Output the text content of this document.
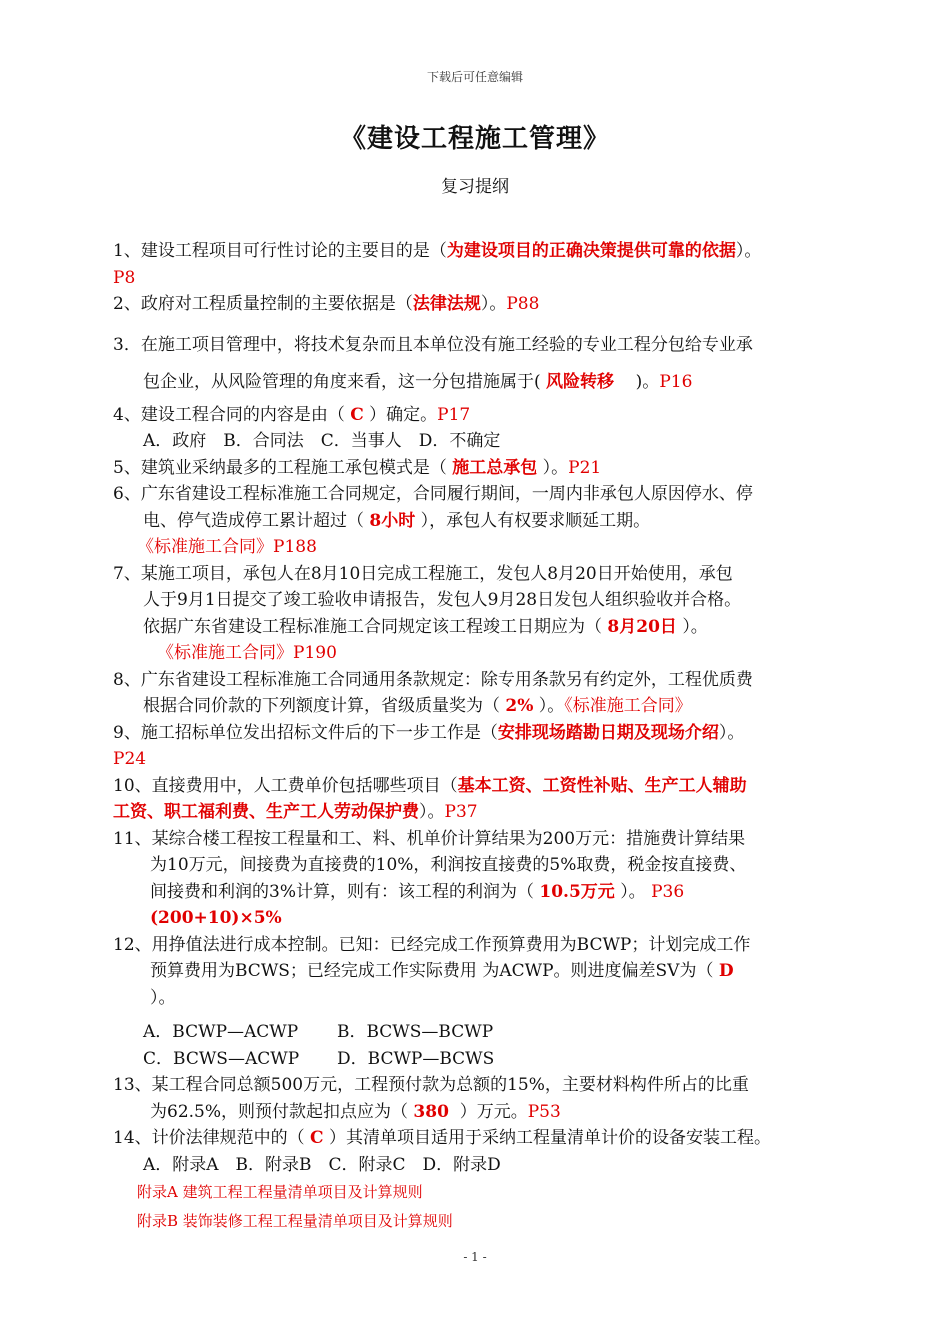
下载后可任意编辑
《建设工程施工管理》
复习提纲
1、建设工程项目可行性讨论的主要目的是（为建设项目的正确决策提供可靠的依据）。
P8
2、政府对工程质量控制的主要依据是（法律法规）。P88
3．在施工项目管理中，将技术复杂而且本单位没有施工经验的专业工程分包给专业承
包企业，从风险管理的角度来看，这一分包措施属于( 风险转移 )。P16
4、建设工程合同的内容是由（ C ）确定。P17
A．政府　B．合同法　C．当事人　D．不确定
5、建筑业采纳最多的工程施工承包模式是（ 施工总承包 ）。P21
6、广东省建设工程标准施工合同规定，合同履行期间，一周内非承包人原因停水、停
电、停气造成停工累计超过（ 8小时 ），承包人有权要求顺延工期。
《标准施工合同》P188
7、某施工项目，承包人在8月10日完成工程施工，发包人8月20日开始使用，承包
人于9月1日提交了竣工验收申请报告，发包人9月28日发包人组织验收并合格。
依据广东省建设工程标准施工合同规定该工程竣工日期应为（ 8月20日 ）。
《标准施工合同》P190
8、广东省建设工程标准施工合同通用条款规定：除专用条款另有约定外，工程优质费
根据合同价款的下列额度计算，省级质量奖为（ 2% ）。《标准施工合同》
9、施工招标单位发出招标文件后的下一步工作是（安排现场踏勘日期及现场介绍）。
P24
10、直接费用中，人工费单价包括哪些项目（基本工资、工资性补贴、生产工人辅助
工资、职工福利费、生产工人劳动保护费）。P37
11、某综合楼工程按工程量和工、料、机单价计算结果为200万元：措施费计算结果
为10万元，间接费为直接费的10%，利润按直接费的5%取费，税金按直接费、
间接费和利润的3%计算，则有：该工程的利润为（ 10.5万元 ）。 P36
(200+10)×5%
12、用挣值法进行成本控制。已知：已经完成工作预算费用为BCWP；计划完成工作
预算费用为BCWS；已经完成工作实际费用 为ACWP。则进度偏差SV为（ D
）。
A．BCWP—ACWP B．BCWS—BCWP
C．BCWS—ACWP D．BCWP—BCWS
13、某工程合同总额500万元，工程预付款为总额的15%，主要材料构件所占的比重
为62.5%，则预付款起扣点应为（ 380 ）万元。P53
14、计价法律规范中的（ C ）其清单项目适用于采纳工程量清单计价的设备安装工程。
A．附录A　B．附录B　C．附录C　D．附录D
附录A 建筑工程工程量清单项目及计算规则
附录B 装饰装修工程工程量清单项目及计算规则
- 1 -
